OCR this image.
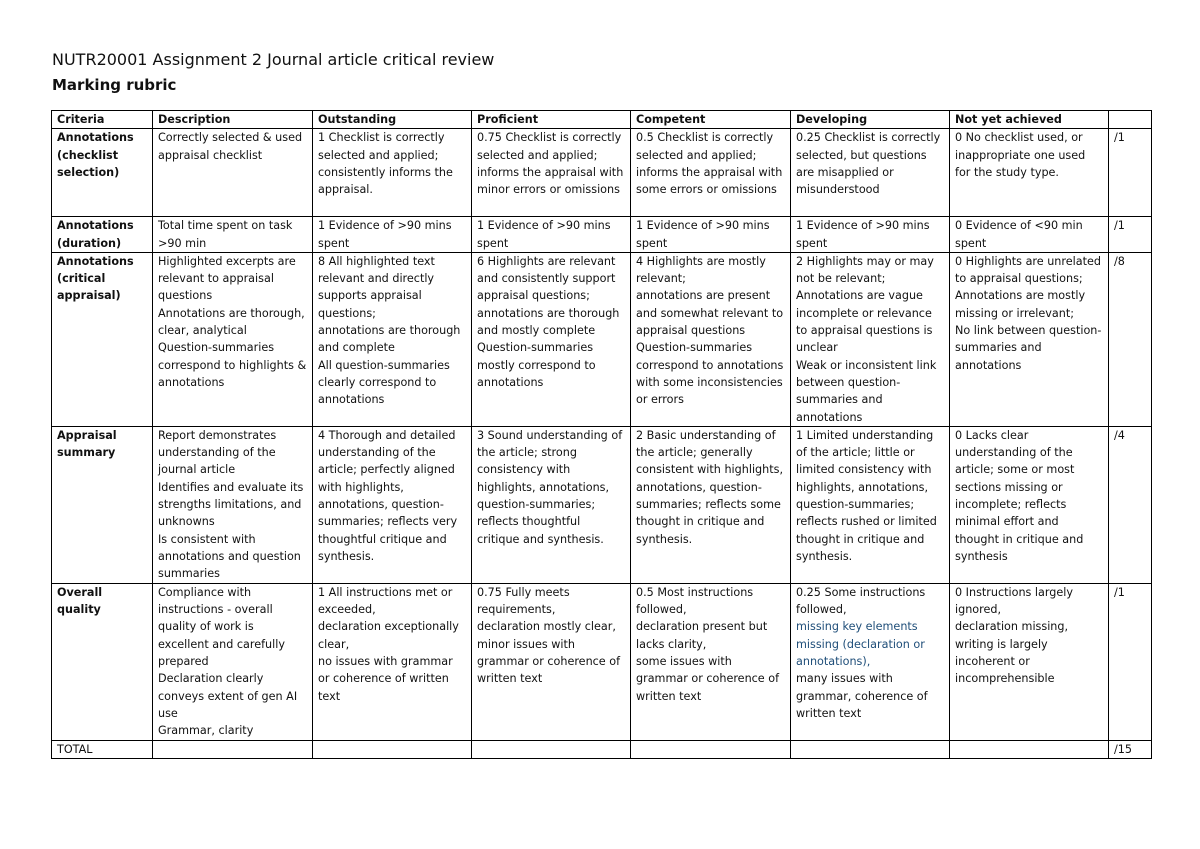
NUTR20001 Assignment 2 Journal article critical review
Marking rubric
Criteria	Description	Outstanding	Proficient	Competent	Developing	Not yet achieved	
Annotations (checklist selection)	Correctly selected & used appraisal checklist	1 Checklist is correctly selected and applied; consistently informs the appraisal.	0.75 Checklist is correctly selected and applied; informs the appraisal with minor errors or omissions	0.5 Checklist is correctly selected and applied; informs the appraisal with some errors or omissions	0.25 Checklist is correctly selected, but questions are misapplied or misunderstood	0 No checklist used, or inappropriate one used for the study type.	/1
Annotations (duration)	Total time spent on task >90 min	1 Evidence of >90 mins spent	1 Evidence of >90 mins spent	1 Evidence of >90 mins spent	1 Evidence of >90 mins spent	0 Evidence of <90 min spent	/1
Annotations (critical appraisal)	Highlighted excerpts are relevant to appraisal questions
Annotations are thorough, clear, analytical
Question-summaries correspond to highlights & annotations	8 All highlighted text relevant and directly supports appraisal questions;
annotations are thorough and complete
All question-summaries clearly correspond to annotations	6 Highlights are relevant and consistently support appraisal questions;
annotations are thorough and mostly complete
Question-summaries mostly correspond to annotations	4 Highlights are mostly relevant;
annotations are present and somewhat relevant to appraisal questions
Question-summaries correspond to annotations with some inconsistencies or errors	2 Highlights may or may not be relevant;
Annotations are vague incomplete or relevance to appraisal questions is unclear
Weak or inconsistent link between question-summaries and annotations	0 Highlights are unrelated to appraisal questions;
Annotations are mostly missing or irrelevant;
No link between question-summaries and annotations	/8
Appraisal summary	Report demonstrates understanding of the journal article
Identifies and evaluate its strengths limitations, and unknowns
Is consistent with annotations and question summaries	4 Thorough and detailed understanding of the article; perfectly aligned with highlights, annotations, question-summaries; reflects very thoughtful critique and synthesis.	3 Sound understanding of the article; strong consistency with highlights, annotations, question-summaries; reflects thoughtful critique and synthesis.	2 Basic understanding of the article; generally consistent with highlights, annotations, question-summaries; reflects some thought in critique and synthesis.	1 Limited understanding of the article; little or limited consistency with highlights, annotations, question-summaries; reflects rushed or limited thought in critique and synthesis.	0 Lacks clear understanding of the article; some or most sections missing or incomplete; reflects minimal effort and thought in critique and synthesis	/4
Overall quality	Compliance with instructions - overall quality of work is excellent and carefully prepared
Declaration clearly conveys extent of gen AI use
Grammar, clarity	1 All instructions met or exceeded,
declaration exceptionally clear,
no issues with grammar or coherence of written text	0.75 Fully meets requirements,
declaration mostly clear, minor issues with grammar or coherence of written text	0.5 Most instructions followed,
declaration present but lacks clarity,
some issues with grammar or coherence of written text	0.25 Some instructions followed,
missing key elements missing (declaration or annotations),
many issues with grammar, coherence of written text	0 Instructions largely ignored,
declaration missing, writing is largely incoherent or incomprehensible	/1
TOTAL							/15
